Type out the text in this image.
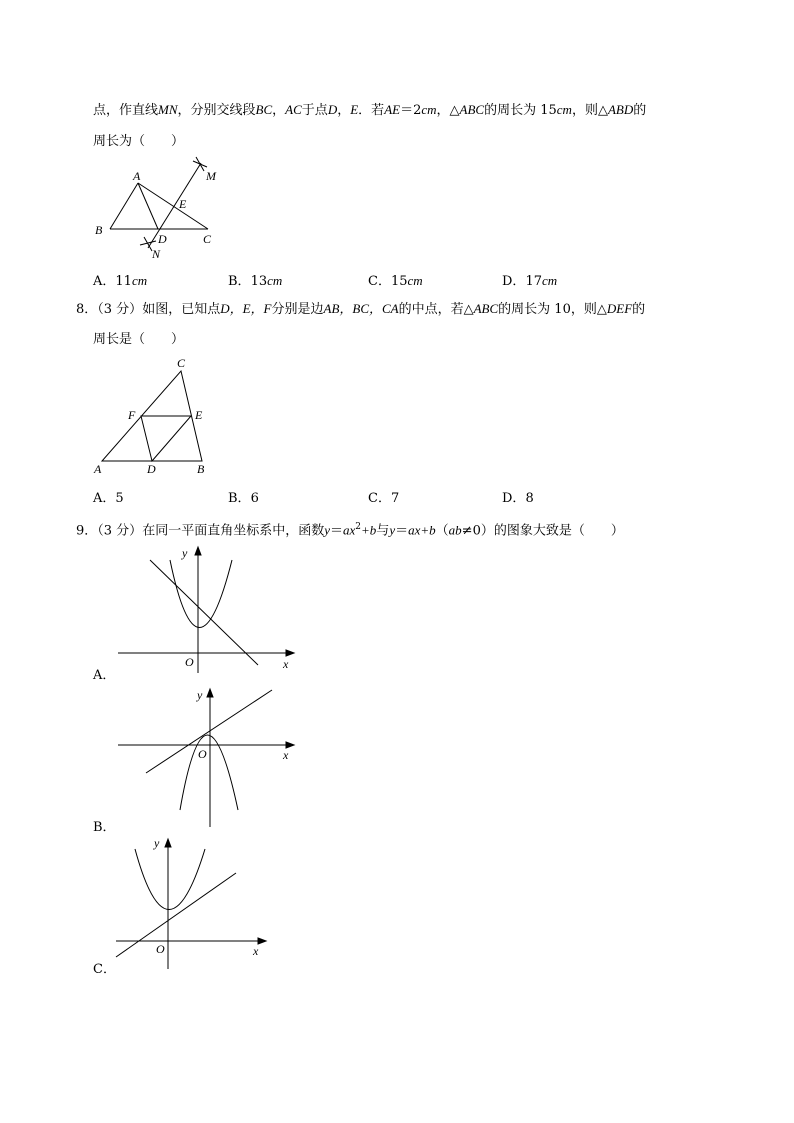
点，作直线MN，分别交线段BC，AC于点D，E．若AE＝2cm，△ABC的周长为 15cm，则△ABD的
周长为（　　）
A
B
C
D
E
M
N
A．11cm	B．13cm	C．15cm	D．17cm
8．（3 分）如图，已知点D，E，F分别是边AB，BC，CA的中点，若△ABC的周长为 10，则△DEF的
周长是（　　）
A	B
C
D
E
F
A．5	B．6	C．7	D．8
9．（3 分）在同一平面直角坐标系中，函数$y=ax^2+b$与y＝ax+b（ab≠0）的图象大致是（　　）
y
x
O
A．
y
x
O
B．
y
x
O
C．
